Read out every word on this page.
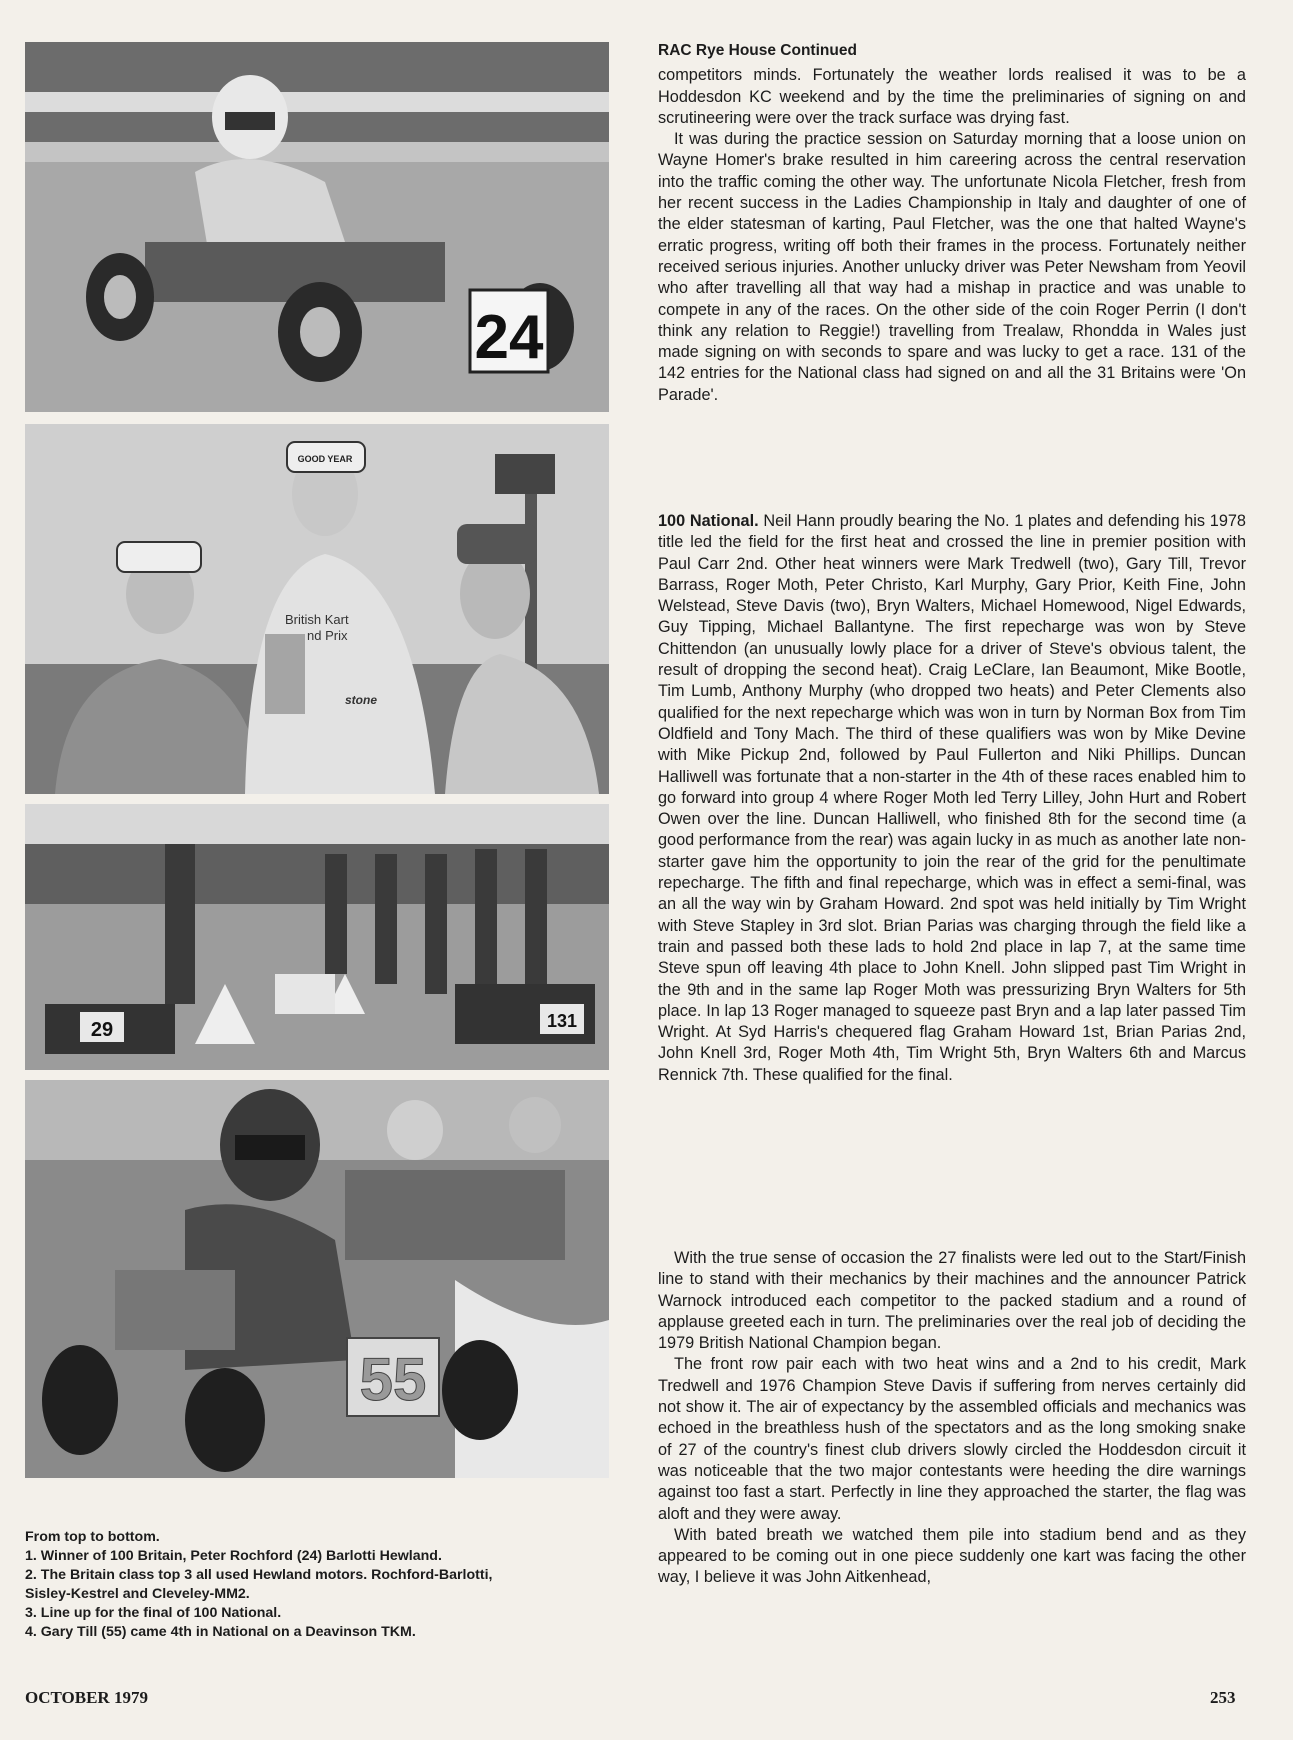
24
GOOD YEAR
British Kart
nd Prix
stone
29	131
55
From top to bottom.
1. Winner of 100 Britain, Peter Rochford (24) Barlotti Hewland.
2. The Britain class top 3 all used Hewland motors. Rochford-Barlotti,
Sisley-Kestrel and Cleveley-MM2.
3. Line up for the final of 100 National.
4. Gary Till (55) came 4th in National on a Deavinson TKM.
RAC Rye House Continued

competitors minds. Fortunately the weather lords realised it was to be a Hoddesdon KC weekend and by the time the preliminaries of signing on and scrutineering were over the track surface was drying fast.

It was during the practice session on Saturday morning that a loose union on Wayne Homer's brake resulted in him careering across the central reservation into the traffic coming the other way. The unfortunate Nicola Fletcher, fresh from her recent success in the Ladies Championship in Italy and daughter of one of the elder statesman of karting, Paul Fletcher, was the one that halted Wayne's erratic progress, writing off both their frames in the process. Fortunately neither received serious injuries. Another unlucky driver was Peter Newsham from Yeovil who after travelling all that way had a mishap in practice and was unable to compete in any of the races. On the other side of the coin Roger Perrin (I don't think any relation to Reggie!) travelling from Trealaw, Rhondda in Wales just made signing on with seconds to spare and was lucky to get a race. 131 of the 142 entries for the National class had signed on and all the 31 Britains were 'On Parade'.

100 National. Neil Hann proudly bearing the No. 1 plates and defending his 1978 title led the field for the first heat and crossed the line in premier position with Paul Carr 2nd. Other heat winners were Mark Tredwell (two), Gary Till, Trevor Barrass, Roger Moth, Peter Christo, Karl Murphy, Gary Prior, Keith Fine, John Welstead, Steve Davis (two), Bryn Walters, Michael Homewood, Nigel Edwards, Guy Tipping, Michael Ballantyne. The first repecharge was won by Steve Chittendon (an unusually lowly place for a driver of Steve's obvious talent, the result of dropping the second heat). Craig LeClare, Ian Beaumont, Mike Bootle, Tim Lumb, Anthony Murphy (who dropped two heats) and Peter Clements also qualified for the next repecharge which was won in turn by Norman Box from Tim Oldfield and Tony Mach. The third of these qualifiers was won by Mike Devine with Mike Pickup 2nd, followed by Paul Fullerton and Niki Phillips. Duncan Halliwell was fortunate that a non-starter in the 4th of these races enabled him to go forward into group 4 where Roger Moth led Terry Lilley, John Hurt and Robert Owen over the line. Duncan Halliwell, who finished 8th for the second time (a good performance from the rear) was again lucky in as much as another late non-starter gave him the opportunity to join the rear of the grid for the penultimate repecharge. The fifth and final repecharge, which was in effect a semi-final, was an all the way win by Graham Howard. 2nd spot was held initially by Tim Wright with Steve Stapley in 3rd slot. Brian Parias was charging through the field like a train and passed both these lads to hold 2nd place in lap 7, at the same time Steve spun off leaving 4th place to John Knell. John slipped past Tim Wright in the 9th and in the same lap Roger Moth was pressurizing Bryn Walters for 5th place. In lap 13 Roger managed to squeeze past Bryn and a lap later passed Tim Wright. At Syd Harris's chequered flag Graham Howard 1st, Brian Parias 2nd, John Knell 3rd, Roger Moth 4th, Tim Wright 5th, Bryn Walters 6th and Marcus Rennick 7th. These qualified for the final.

With the true sense of occasion the 27 finalists were led out to the Start/Finish line to stand with their mechanics by their machines and the announcer Patrick Warnock introduced each competitor to the packed stadium and a round of applause greeted each in turn. The preliminaries over the real job of deciding the 1979 British National Champion began.

The front row pair each with two heat wins and a 2nd to his credit, Mark Tredwell and 1976 Champion Steve Davis if suffering from nerves certainly did not show it. The air of expectancy by the assembled officials and mechanics was echoed in the breathless hush of the spectators and as the long smoking snake of 27 of the country's finest club drivers slowly circled the Hoddesdon circuit it was noticeable that the two major contestants were heeding the dire warnings against too fast a start. Perfectly in line they approached the starter, the flag was aloft and they were away.

With bated breath we watched them pile into stadium bend and as they appeared to be coming out in one piece suddenly one kart was facing the other way, I believe it was John Aitkenhead,

OCTOBER 1979	253
